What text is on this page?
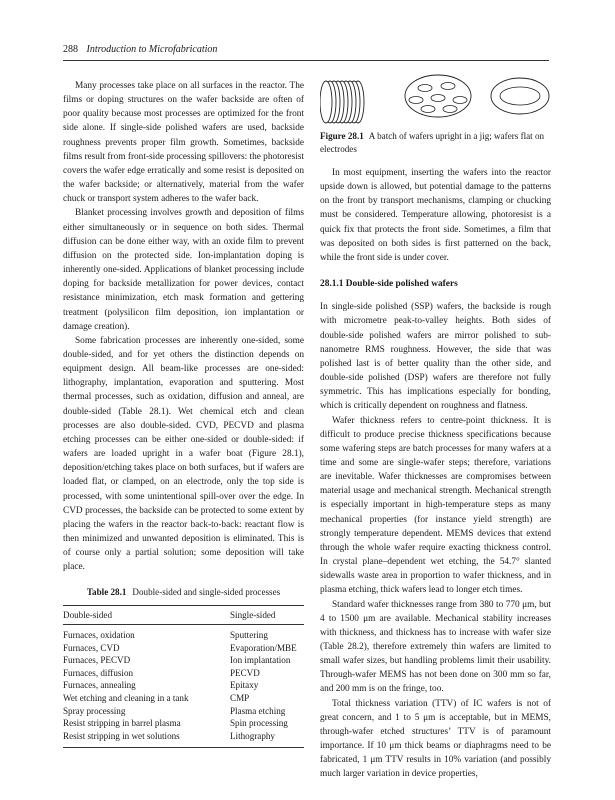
288 Introduction to Microfabrication

Many processes take place on all surfaces in the reactor. The films or doping structures on the wafer backside are often of poor quality because most processes are optimized for the front side alone. If single-side polished wafers are used, backside roughness prevents proper film growth. Sometimes, backside films result from front-side processing spillovers: the photoresist covers the wafer edge erratically and some resist is deposited on the wafer backside; or alternatively, material from the wafer chuck or transport system adheres to the wafer back.

Blanket processing involves growth and deposition of films either simultaneously or in sequence on both sides. Thermal diffusion can be done either way, with an oxide film to prevent diffusion on the protected side. Ion-implantation doping is inherently one-sided. Applications of blanket processing include doping for backside metallization for power devices, contact resistance minimization, etch mask formation and gettering treatment (polysilicon film deposition, ion implantation or damage creation).

Some fabrication processes are inherently one-sided, some double-sided, and for yet others the distinction depends on equipment design. All beam-like processes are one-sided: lithography, implantation, evaporation and sputtering. Most thermal processes, such as oxidation, diffusion and anneal, are double-sided (Table 28.1). Wet chemical etch and clean processes are also double-sided. CVD, PECVD and plasma etching processes can be either one-sided or double-sided: if wafers are loaded upright in a wafer boat (Figure 28.1), deposition/etching takes place on both surfaces, but if wafers are loaded flat, or clamped, on an electrode, only the top side is processed, with some unintentional spill-over over the edge. In CVD processes, the backside can be protected to some extent by placing the wafers in the reactor back-to-back: reactant flow is then minimized and unwanted deposition is eliminated. This is of course only a partial solution; some deposition will take place.

Table 28.1 Double-sided and single-sided processes
Double-sided	Single-sided
Furnaces, oxidation	Sputtering
Furnaces, CVD	Evaporation/MBE
Furnaces, PECVD	Ion implantation
Furnaces, diffusion	PECVD
Furnaces, annealing	Epitaxy
Wet etching and cleaning in a tank	CMP
Spray processing	Plasma etching
Resist stripping in barrel plasma	Spin processing
Resist stripping in wet solutions	Lithography
Figure 28.1 A batch of wafers upright in a jig; wafers flat on electrodes

In most equipment, inserting the wafers into the reactor upside down is allowed, but potential damage to the patterns on the front by transport mechanisms, clamping or chucking must be considered. Temperature allowing, photoresist is a quick fix that protects the front side. Sometimes, a film that was deposited on both sides is first patterned on the back, while the front side is under cover.

28.1.1 Double-side polished wafers

In single-side polished (SSP) wafers, the backside is rough with micrometre peak-to-valley heights. Both sides of double-side polished wafers are mirror polished to subnanometre RMS roughness. However, the side that was polished last is of better quality than the other side, and double-side polished (DSP) wafers are therefore not fully symmetric. This has implications especially for bonding, which is critically dependent on roughness and flatness.

Wafer thickness refers to centre-point thickness. It is difficult to produce precise thickness specifications because some wafering steps are batch processes for many wafers at a time and some are single-wafer steps; therefore, variations are inevitable. Wafer thicknesses are compromises between material usage and mechanical strength. Mechanical strength is especially important in high-temperature steps as many mechanical properties (for instance yield strength) are strongly temperature dependent. MEMS devices that extend through the whole wafer require exacting thickness control. In crystal plane–dependent wet etching, the 54.7° slanted sidewalls waste area in proportion to wafer thickness, and in plasma etching, thick wafers lead to longer etch times.

Standard wafer thicknesses range from 380 to 770 μm, but 4 to 1500 μm are available. Mechanical stability increases with thickness, and thickness has to increase with wafer size (Table 28.2), therefore extremely thin wafers are limited to small wafer sizes, but handling problems limit their usability. Through-wafer MEMS has not been done on 300 mm so far, and 200 mm is on the fringe, too.

Total thickness variation (TTV) of IC wafers is not of great concern, and 1 to 5 μm is acceptable, but in MEMS, through-wafer etched structures’ TTV is of paramount importance. If 10 μm thick beams or diaphragms need to be fabricated, 1 μm TTV results in 10% variation (and possibly much larger variation in device properties,
